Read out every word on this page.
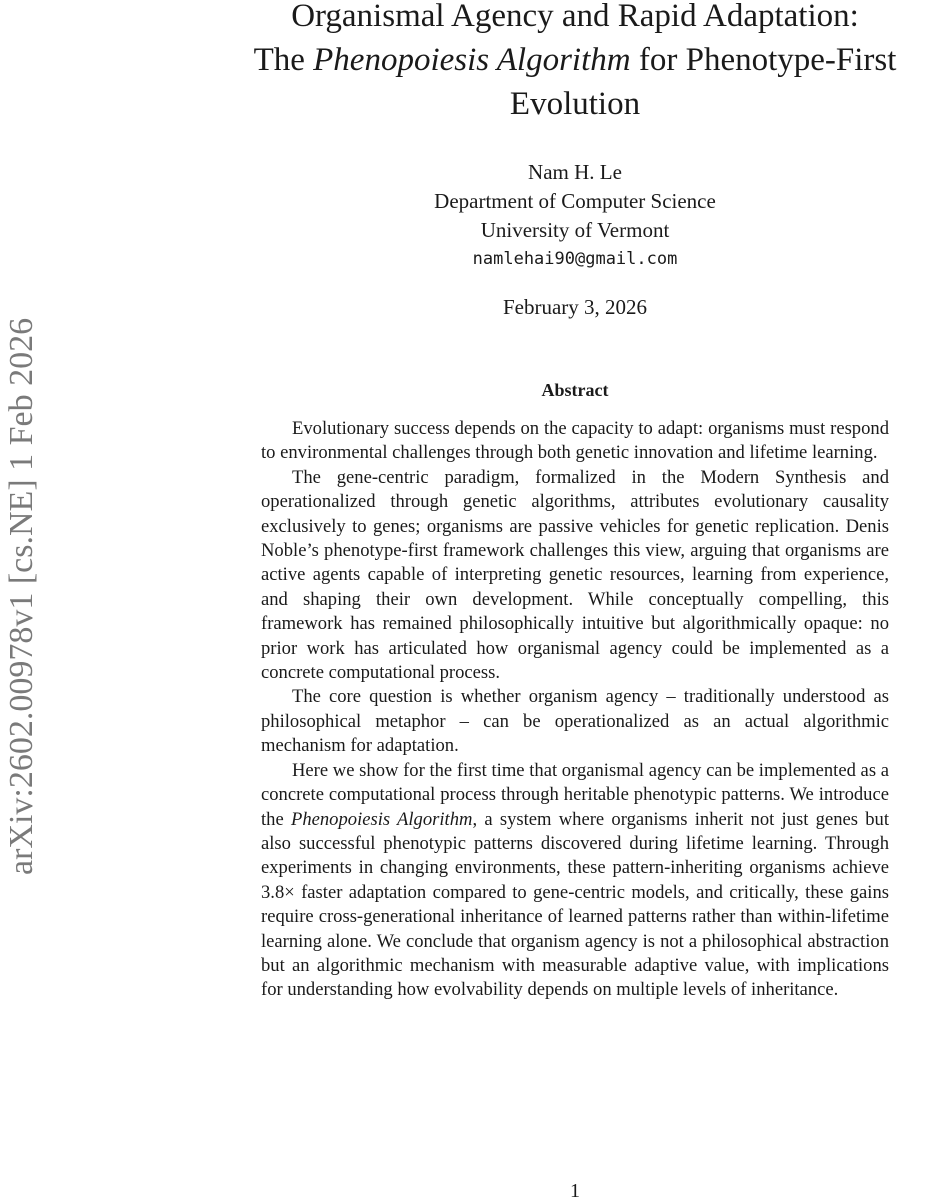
arXiv:2602.00978v1 [cs.NE] 1 Feb 2026
Organismal Agency and Rapid Adaptation:
The Phenopoiesis Algorithm for Phenotype-First
Evolution
Nam H. Le
Department of Computer Science
University of Vermont
namlehai90@gmail.com
February 3, 2026
Abstract

Evolutionary success depends on the capacity to adapt: organisms must respond to environmental challenges through both genetic innovation and lifetime learning.

The gene-centric paradigm, formalized in the Modern Synthesis and operationalized through genetic algorithms, attributes evolutionary causality exclusively to genes; organisms are passive vehicles for genetic replication. Denis Noble’s phenotype-first framework challenges this view, arguing that organisms are active agents capable of interpreting genetic resources, learning from experience, and shaping their own development. While conceptually compelling, this framework has remained philosophically intuitive but algorithmically opaque: no prior work has articulated how organismal agency could be implemented as a concrete computational process.

The core question is whether organism agency – traditionally understood as philosophical metaphor – can be operationalized as an actual algorithmic mechanism for adaptation.

Here we show for the first time that organismal agency can be implemented as a concrete computational process through heritable phenotypic patterns. We introduce the Phenopoiesis Algorithm, a system where organisms inherit not just genes but also successful phenotypic patterns discovered during lifetime learning. Through experiments in changing environments, these pattern-inheriting organisms achieve 3.8× faster adaptation compared to gene-centric models, and critically, these gains require cross-generational inheritance of learned patterns rather than within-lifetime learning alone. We conclude that organism agency is not a philosophical abstraction but an algorithmic mechanism with measurable adaptive value, with implications for understanding how evolvability depends on multiple levels of inheritance.

1
